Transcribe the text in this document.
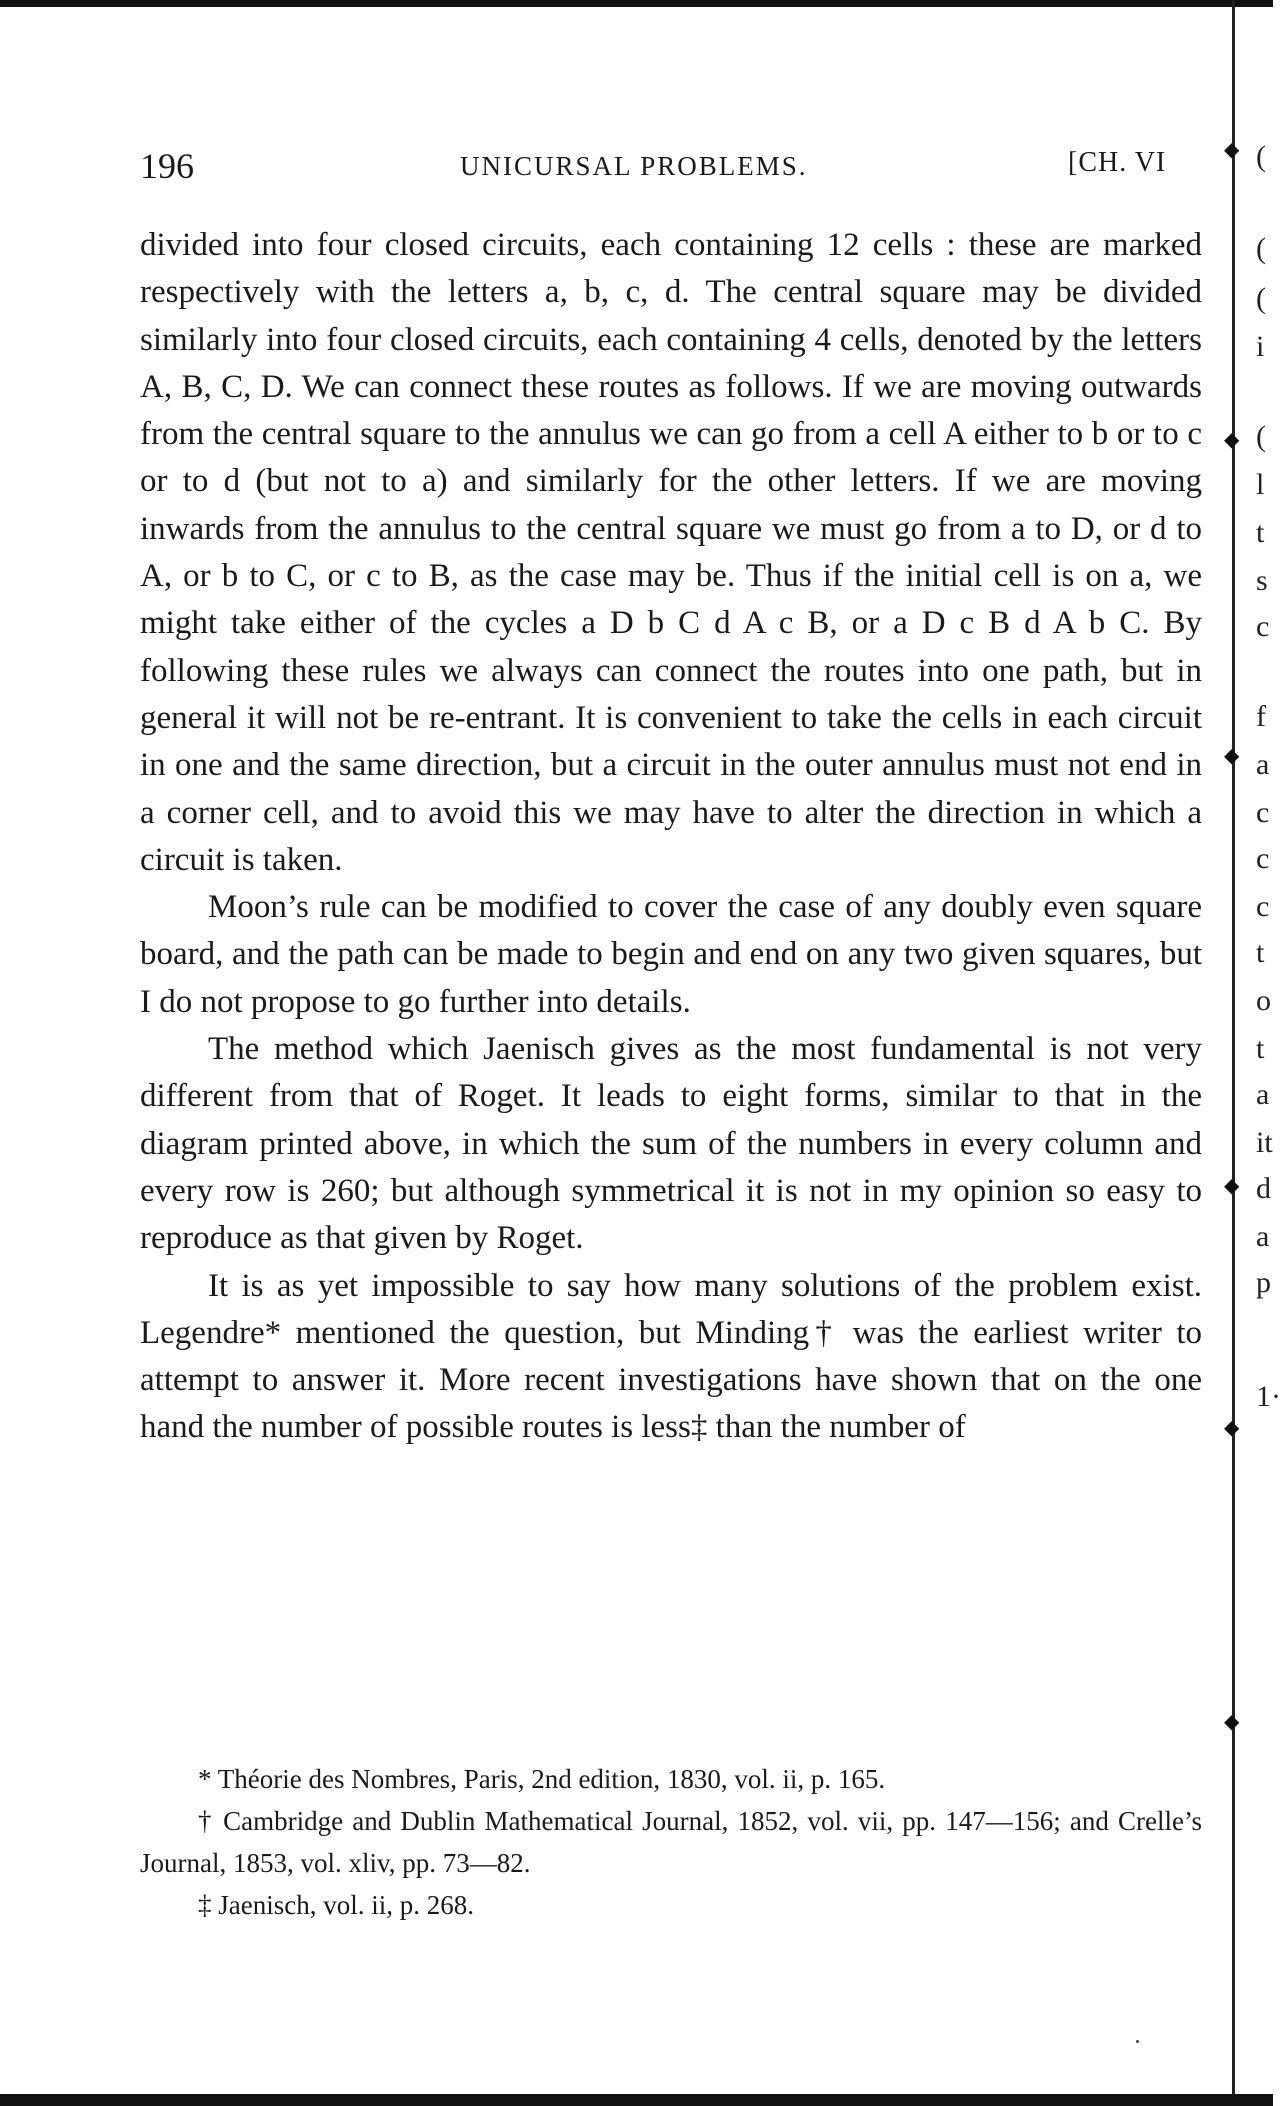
196	UNICURSAL PROBLEMS.	[CH. VI

divided into four closed circuits, each containing 12 cells : these are marked respectively with the letters a, b, c, d. The central square may be divided similarly into four closed circuits, each containing 4 cells, denoted by the letters A, B, C, D. We can connect these routes as follows. If we are moving outwards from the central square to the annulus we can go from a cell A either to b or to c or to d (but not to a) and similarly for the other letters. If we are moving inwards from the annulus to the central square we must go from a to D, or d to A, or b to C, or c to B, as the case may be. Thus if the initial cell is on a, we might take either of the cycles a D b C d A c B, or a D c B d A b C. By following these rules we always can connect the routes into one path, but in general it will not be re-entrant. It is convenient to take the cells in each circuit in one and the same direction, but a circuit in the outer annulus must not end in a corner cell, and to avoid this we may have to alter the direction in which a circuit is taken.

Moon’s rule can be modified to cover the case of any doubly even square board, and the path can be made to begin and end on any two given squares, but I do not propose to go further into details.

The method which Jaenisch gives as the most fundamental is not very different from that of Roget. It leads to eight forms, similar to that in the diagram printed above, in which the sum of the numbers in every column and every row is 260; but although symmetrical it is not in my opinion so easy to reproduce as that given by Roget.

It is as yet impossible to say how many solutions of the problem exist. Legendre* mentioned the question, but Minding† was the earliest writer to attempt to answer it. More recent investigations have shown that on the one hand the number of possible routes is less‡ than the number of

* Théorie des Nombres, Paris, 2nd edition, 1830, vol. ii, p. 165.

† Cambridge and Dublin Mathematical Journal, 1852, vol. vii, pp. 147—156; and Crelle’s Journal, 1853, vol. xliv, pp. 73—82.

‡ Jaenisch, vol. ii, p. 268.

(
(
(
i
(
l
t
s
c
f
a
c
c
c
t
o
t
a
it
d
a
p
1·
◆
◆
◆
◆
◆
◆
